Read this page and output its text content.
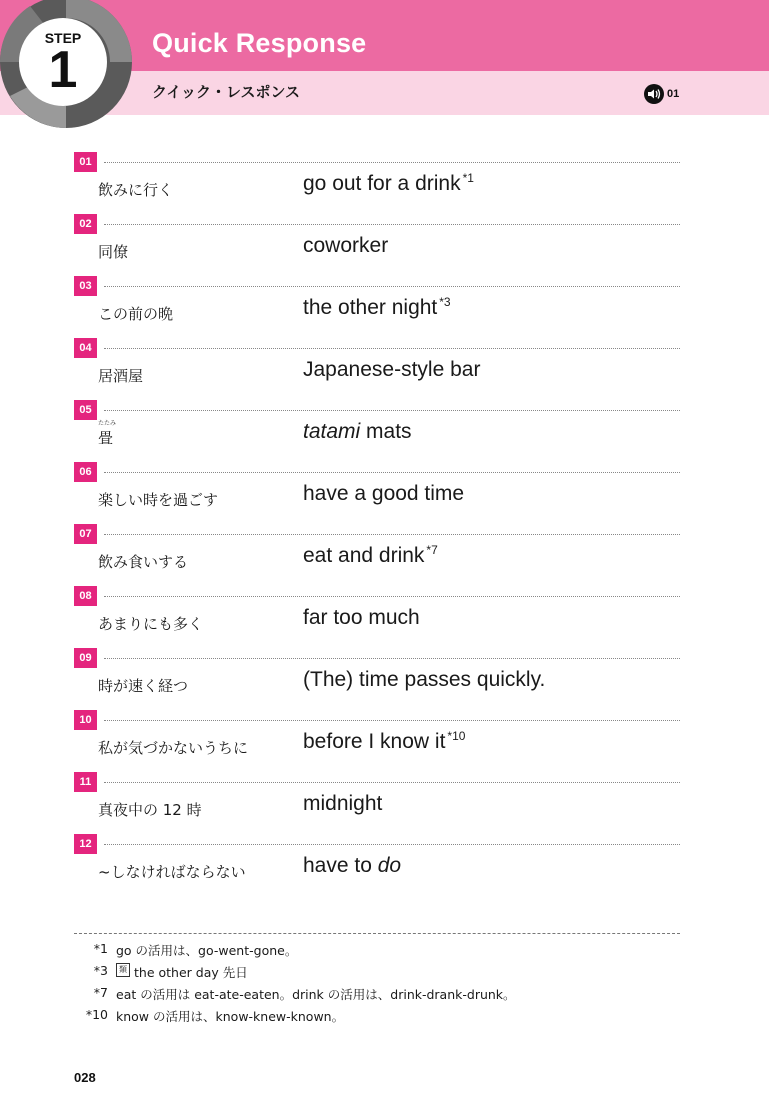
STEP
1	Quick Response
クイック・レスポンス	01
01
飲みに行く	go out for a drink $^{*1}$
02
同僚	coworker
03
この前の晩	the other night $^{*3}$
04
居酒屋	Japanese-style bar
05
たたみ
畳	tatami mats
06
楽しい時を過ごす	have a good time
07
飲み食いする	eat and drink $^{*7}$
08
あまりにも多く	far too much
09
時が速く経つ	(The) time passes quickly.
10
私が気づかないうちに	before I know it $^{*10}$
11
真夜中の 12 時	midnight
12
~しなければならない	have to do
*1 go の活用は、go-went-gone。
*3	類 the other day 先日
*7 eat の活用は eat-ate-eaten。drink の活用は、drink-drank-drunk。
*10 know の活用は、know-knew-known。
028
